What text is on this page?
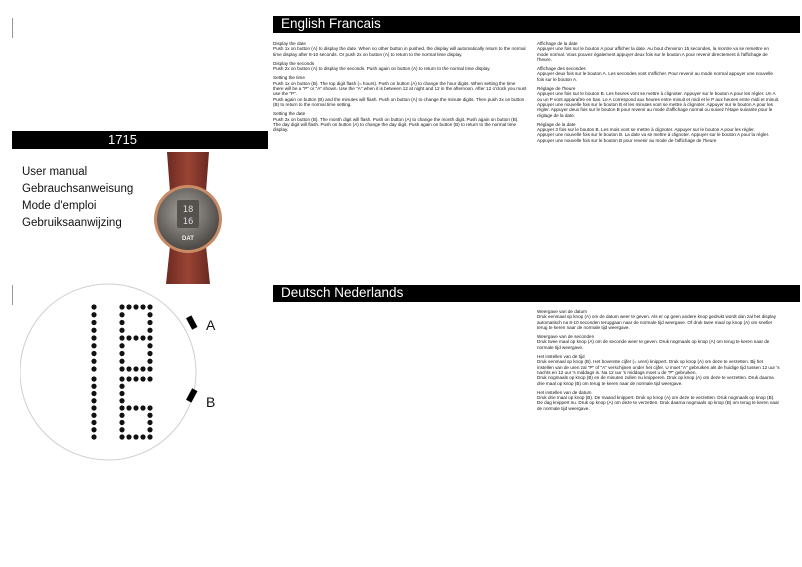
1715
User manual
Gebrauchsanweisung
Mode d'emploi
Gebruiksaanwijzing
18
16
DAT
A
B
English Francais
Display the date
Push 1x on button (A) to display the date. When no other button in pushed, the display will automatically return to the normal time display after 8-10 seconds. Or push 2x on button (A) to return to the normal time display.
Display the seconds
Push 2x on button (A) to display the seconds. Push again on button (A) to return to the normal time display.
Setting the time
Push 1x on button (B). The top digit flash (= hours). Push on button (A) to change the hour digits. When setting the time there will be a "P" or "A" shown. Use the "A" when it is between 12 at night and 12 in the afternoon. After 12 o'clock you must use the "P".
Push again on button (B) and the minutes will flash. Push on button (A) to change the minute digits. Then push 3x on button (B) to return to the normal time setting.
Setting the date
Push 3x on button (B). The month digit will flash. Push on button (A) to change the month digit. Push again on button (B). The day digit will flash. Push on button (A) to change the day digit. Push again on button (B) to return to the normal time display.
Affichage de la date
Appuyer une fois sur le bouton A pour afficher la date. Au bout d'environ 15 secondes, la montre va se remettre en mode normal. Vous pouvez également appuyer deux fois sur le bouton A pour revenir directement à l'affichage de l'heure.
Affichage des secondes
Appuyer deux fois sur le bouton A. Les secondes vont s'afficher. Pour revenir au mode normal appuyer une nouvelle fois sur le bouton A.
Réglage de l'heure
Appuyer une fois sur le bouton B. Les heures vont se mettre à clignoter. Appuyer sur le bouton A pour les régler. Un A ou un P vont apparaître en bas. Le A correspond aux heures entre minuit et midi et le P aux heures entre midi et minuit.
Appuyer une nouvelle fois sur le bouton B et les minutes vont se mettre à clignoter. Appuyer sur le bouton A pour les régler. Appuyer deux fois sur le bouton B pour revenir au mode d'affichage normal ou suivez l'étape suivante pour le réglage de la date.
Réglage de la date
Appuyer 3 fois sur le bouton B. Les mois vont se mettre à clignoter. Appuyer sur le bouton A pour les régler.
Appuyer une nouvelle fois sur le bouton B. La date va se mettre à clignoter. Appuyer sur le bouton A pour la régler.
Appuyer une nouvelle fois sur le bouton B pour revenir au mode de l'affichage de l'heure
Deutsch Nederlands
Weergave van de datum
Druk eenmaal op knop (A) om de datum weer te geven. Als er op geen andere knop gedrukt wordt dan zal het display automatisch na 8-10 seconden teruggaan naar de normale tijd weergave. Of druk twee maal op knop (A) om sneller terug te keren naar de normale tijd weergave.
Weergave van de seconden
Druk twee maal op knop (A) om de seconde weer te geven. Druk nogmaals op knop (A) om terug te keren naar de normale tijd weergave.
Het instellen van de tijd
Druk eenmaal op knop (B). Het bovenste cijfer (= uren) knippert. Druk op knop (A) om deze te verzetten. Bij het instellen van de uren zal "P" of "A" verschijnen onder het cijfer. U moet "A" gebruiken als de huidige tijd tussen 12 uur 's nachts en 12 uur 's middags is. Na 12 uur 's middags moet u de "P" gebruiken.
Druk nogmaals op knop (B) en de minuten zullen nu knipperen. Druk op knop (A) om deze te verzetten. Druk daarna drie maal op knop (B) om terug te keren naar de normale tijd weergave.
Het instellen van de datum
Druk drie maal op knop (B). De maand knippert. Druk op knop (A) om deze te verzetten. Druk nogmaals op knop (B). De dag knippert nu. Druk op knop (A) om deze te verzetten. Druk daarna nogmaals op knop (B) om terug te keren naar de normale tijd weergave.
